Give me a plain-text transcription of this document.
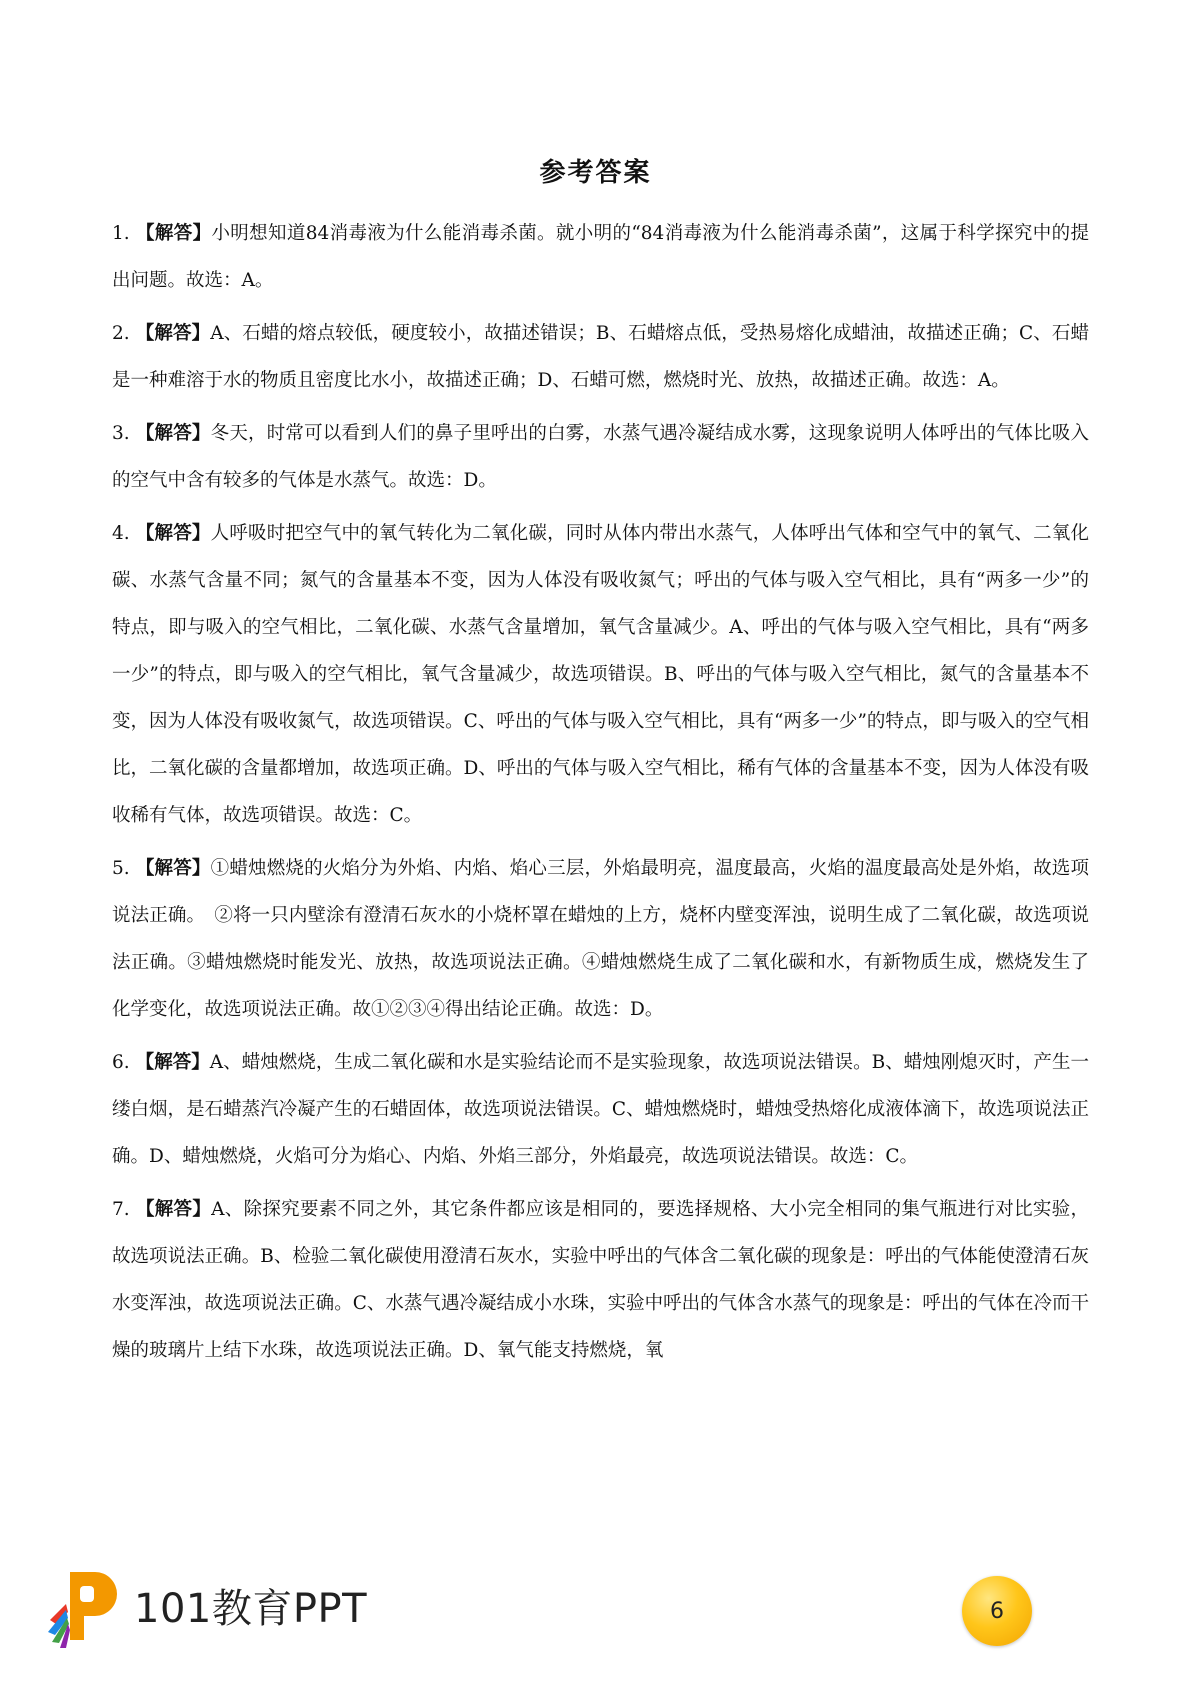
参考答案

1. 【解答】小明想知道84消毒液为什么能消毒杀菌。就小明的“84消毒液为什么能消毒杀菌”，这属于科学探究中的提出问题。故选：A。

2. 【解答】A、石蜡的熔点较低，硬度较小，故描述错误；B、石蜡熔点低，受热易熔化成蜡油，故描述正确；C、石蜡是一种难溶于水的物质且密度比水小，故描述正确；D、石蜡可燃，燃烧时光、放热，故描述正确。故选：A。

3. 【解答】冬天，时常可以看到人们的鼻子里呼出的白雾，水蒸气遇冷凝结成水雾，这现象说明人体呼出的气体比吸入的空气中含有较多的气体是水蒸气。故选：D。

4. 【解答】人呼吸时把空气中的氧气转化为二氧化碳，同时从体内带出水蒸气，人体呼出气体和空气中的氧气、二氧化碳、水蒸气含量不同；氮气的含量基本不变，因为人体没有吸收氮气；呼出的气体与吸入空气相比，具有“两多一少”的特点，即与吸入的空气相比，二氧化碳、水蒸气含量增加，氧气含量减少。A、呼出的气体与吸入空气相比，具有“两多一少”的特点，即与吸入的空气相比，氧气含量减少，故选项错误。B、呼出的气体与吸入空气相比，氮气的含量基本不变，因为人体没有吸收氮气，故选项错误。C、呼出的气体与吸入空气相比，具有“两多一少”的特点，即与吸入的空气相比，二氧化碳的含量都增加，故选项正确。D、呼出的气体与吸入空气相比，稀有气体的含量基本不变，因为人体没有吸收稀有气体，故选项错误。故选：C。

5. 【解答】①蜡烛燃烧的火焰分为外焰、内焰、焰心三层，外焰最明亮，温度最高，火焰的温度最高处是外焰，故选项说法正确。　②将一只内壁涂有澄清石灰水的小烧杯罩在蜡烛的上方，烧杯内壁变浑浊，说明生成了二氧化碳，故选项说法正确。③蜡烛燃烧时能发光、放热，故选项说法正确。④蜡烛燃烧生成了二氧化碳和水，有新物质生成，燃烧发生了化学变化，故选项说法正确。故①②③④得出结论正确。故选：D。

6. 【解答】A、蜡烛燃烧，生成二氧化碳和水是实验结论而不是实验现象，故选项说法错误。B、蜡烛刚熄灭时，产生一缕白烟，是石蜡蒸汽冷凝产生的石蜡固体，故选项说法错误。C、蜡烛燃烧时，蜡烛受热熔化成液体滴下，故选项说法正确。D、蜡烛燃烧，火焰可分为焰心、内焰、外焰三部分，外焰最亮，故选项说法错误。故选：C。

7. 【解答】A、除探究要素不同之外，其它条件都应该是相同的，要选择规格、大小完全相同的集气瓶进行对比实验，故选项说法正确。B、检验二氧化碳使用澄清石灰水，实验中呼出的气体含二氧化碳的现象是：呼出的气体能使澄清石灰水变浑浊，故选项说法正确。C、水蒸气遇冷凝结成小水珠，实验中呼出的气体含水蒸气的现象是：呼出的气体在冷而干燥的玻璃片上结下水珠，故选项说法正确。D、氧气能支持燃烧，氧

101教育PPT	6
